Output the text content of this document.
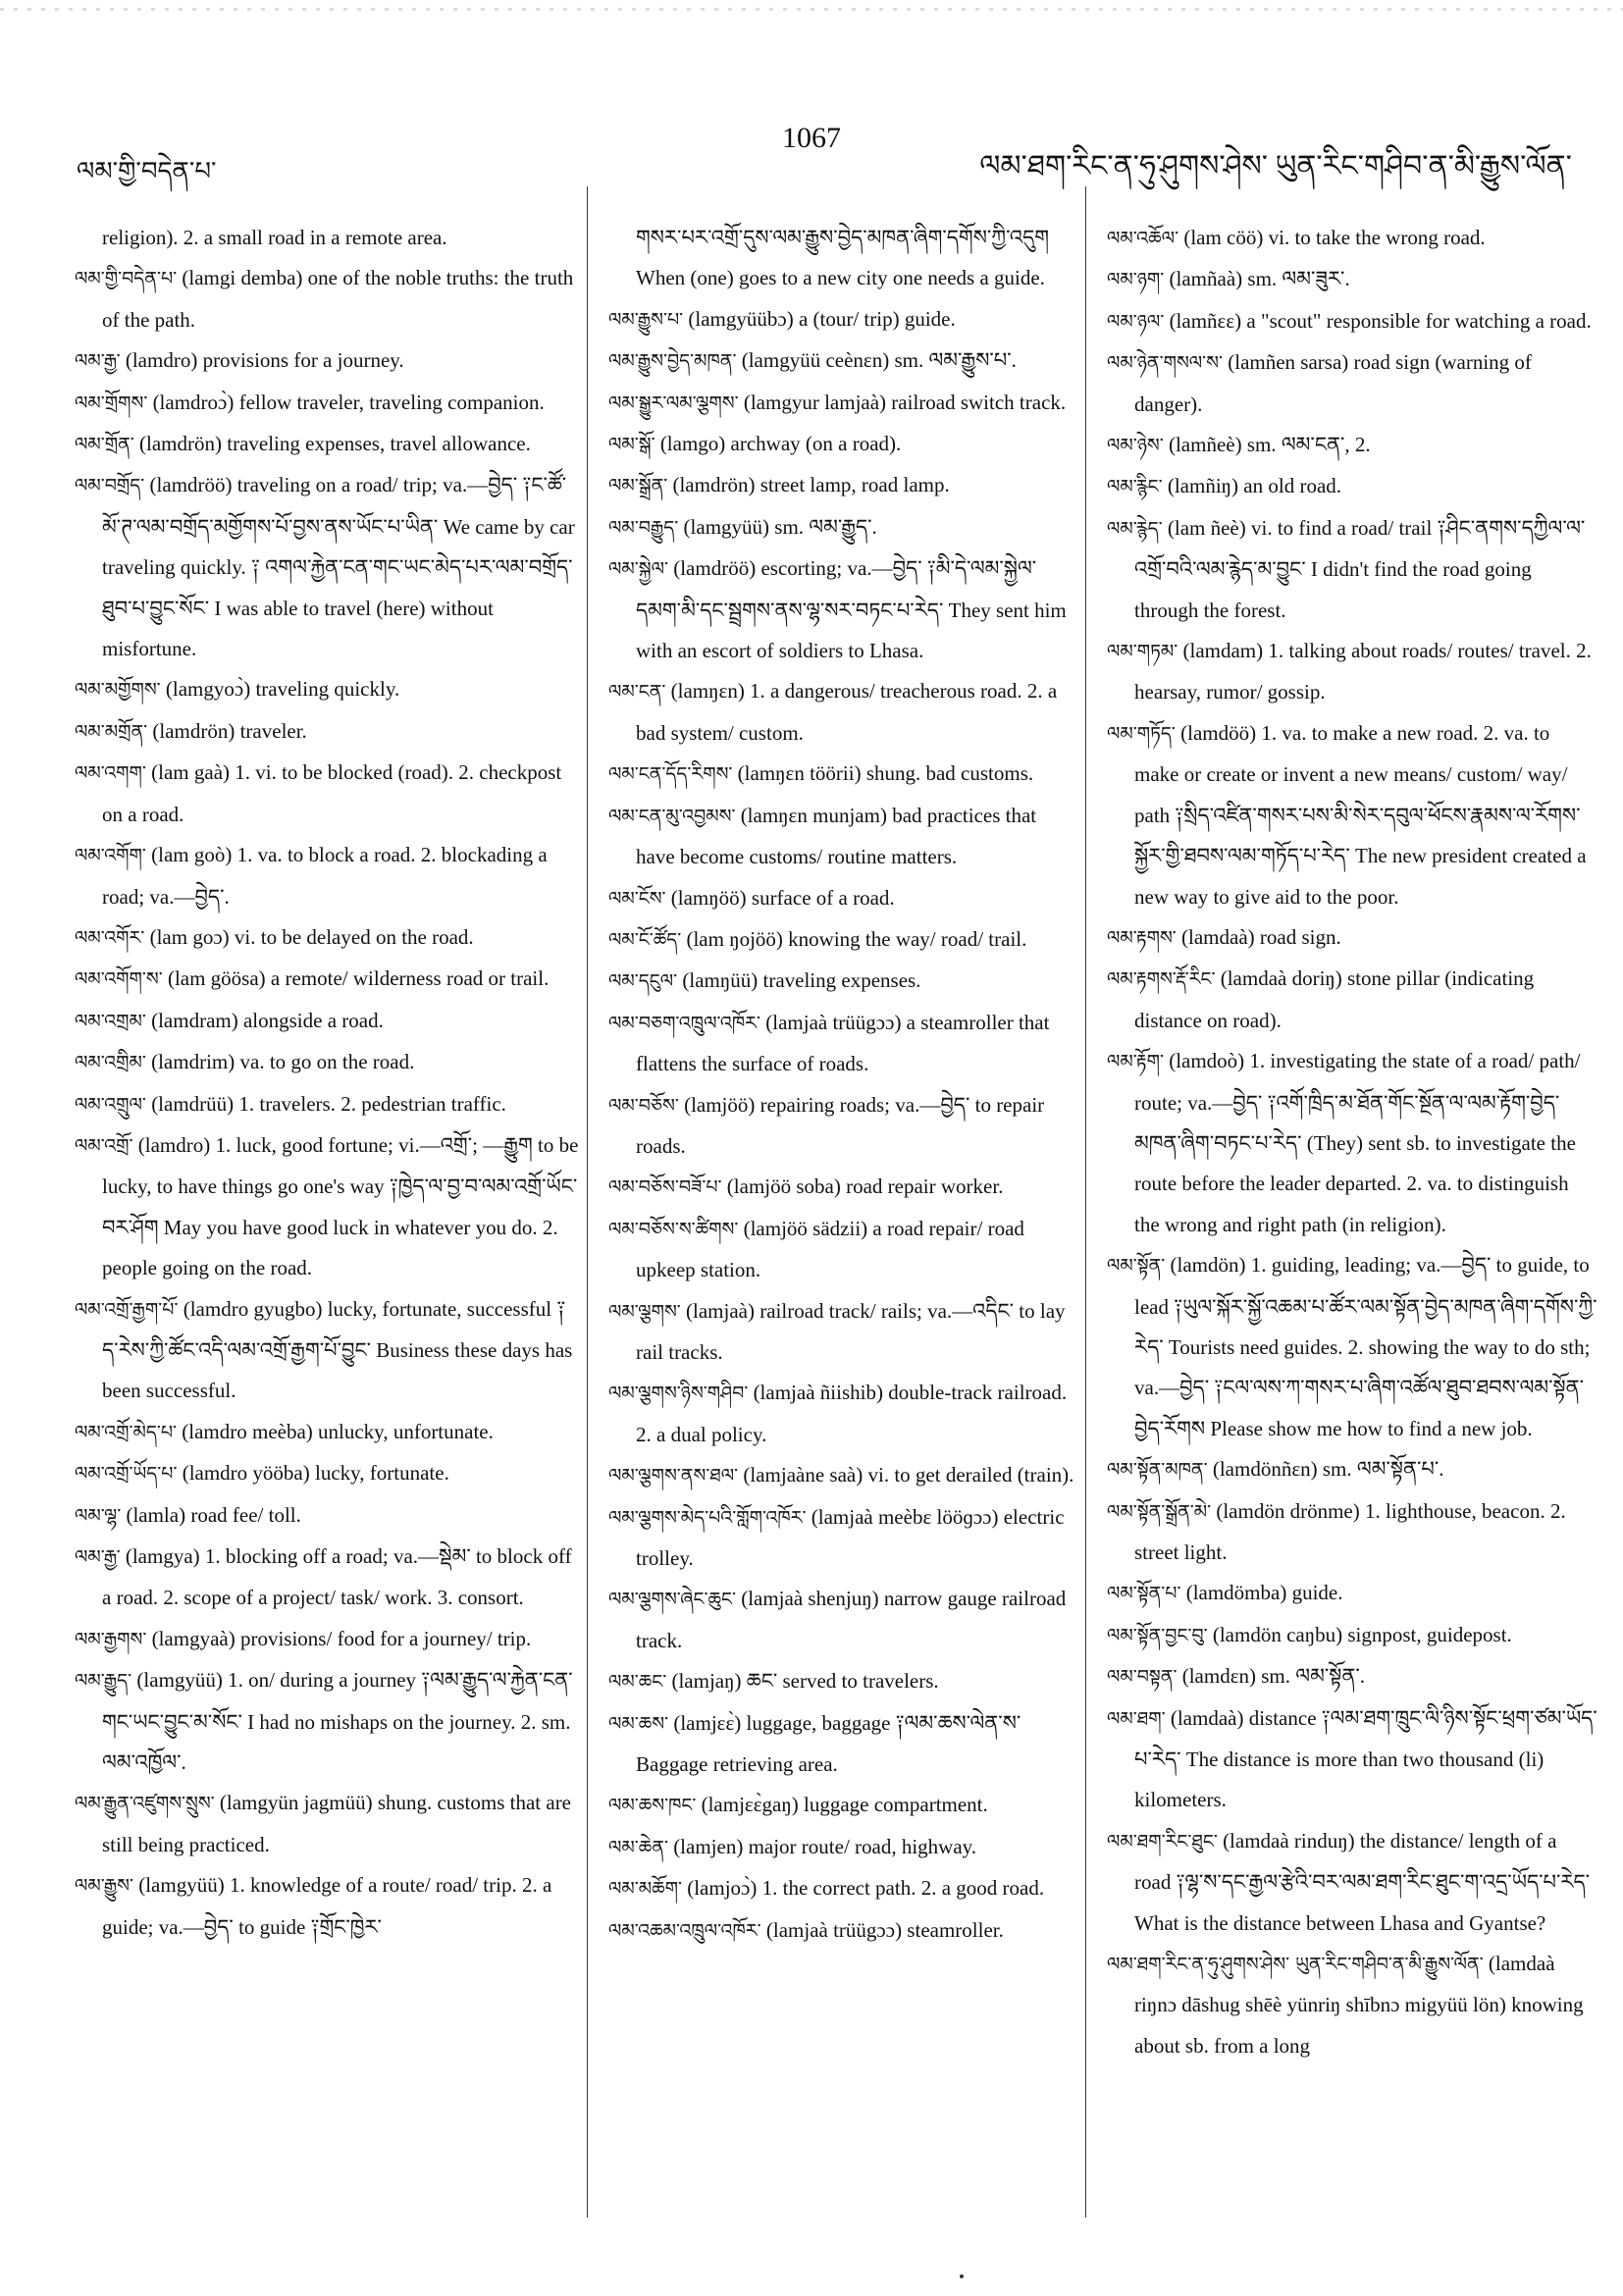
ལམ་གྱི་བདེན་པ་
1067
ལམ་ཐག་རིང་ན་ཧུ་ཤུགས་ཤེས་ ཡུན་རིང་གཤིབ་ན་མི་རྒྱུས་ལོན་

religion). 2. a small road in a remote area.

ལམ་གྱི་བདེན་པ་ (lamgi demba) one of the noble truths: the truth of the path.

ལམ་རྒྱ་ (lamdro) provisions for a journey.

ལམ་གྲོགས་ (lamdroɔ̀) fellow traveler, traveling companion.

ལམ་གྲོན་ (lamdrön) traveling expenses, travel allowance.

ལམ་བགྲོད་ (lamdröö) traveling on a road/ trip; va.—བྱེད་ ༑ང་ཚོ་མོ་ཊ་ལམ་བགྲོད་མགྱོགས་པོ་བྱས་ནས་ཡོང་པ་ཡིན་ We came by car traveling quickly. ༑ འགལ་རྐྱེན་ངན་གང་ཡང་མེད་པར་ལམ་བགྲོད་ཐུབ་པ་བྱུང་སོང་ I was able to travel (here) without misfortune.

ལམ་མགྱོགས་ (lamgyoɔ̀) traveling quickly.

ལམ་མགྲོན་ (lamdrön) traveler.

ལམ་འགག་ (lam gaà) 1. vi. to be blocked (road). 2. checkpost on a road.

ལམ་འགོག་ (lam goò) 1. va. to block a road. 2. blockading a road; va.—བྱེད་.

ལམ་འགོར་ (lam goɔ) vi. to be delayed on the road.

ལམ་འགོག་ས་ (lam göösa) a remote/ wilderness road or trail.

ལམ་འགྲམ་ (lamdram) alongside a road.

ལམ་འགྲིམ་ (lamdrim) va. to go on the road.

ལམ་འགྲུལ་ (lamdrüü) 1. travelers. 2. pedestrian traffic.

ལམ་འགྲོ་ (lamdro) 1. luck, good fortune; vi.—འགྲོ་; —རྒྱུག to be lucky, to have things go one's way ༑ཁྱེད་ལ་བྱ་བ་ལམ་འགྲོ་ཡོང་བར་ཤོག May you have good luck in whatever you do. 2. people going on the road.

ལམ་འགྲོ་རྒྱག་པོ་ (lamdro gyugbo) lucky, fortunate, successful ༑ད་རེས་ཀྱི་ཚོང་འདི་ལམ་འགྲོ་རྒྱག་པོ་བྱུང་ Business these days has been successful.

ལམ་འགྲོ་མེད་པ་ (lamdro meèba) unlucky, unfortunate.

ལམ་འགྲོ་ཡོད་པ་ (lamdro yööba) lucky, fortunate.

ལམ་ལྷ་ (lamla) road fee/ toll.

ལམ་རྒྱ་ (lamgya) 1. blocking off a road; va.—སྡེམ་ to block off a road. 2. scope of a project/ task/ work. 3. consort.

ལམ་རྒྱགས་ (lamgyaà) provisions/ food for a journey/ trip.

ལམ་རྒྱུད་ (lamgyüü) 1. on/ during a journey ༑ལམ་རྒྱུད་ལ་རྐྱེན་ངན་གང་ཡང་བྱུང་མ་སོང་ I had no mishaps on the journey. 2. sm. ལམ་འཁྱོལ་.

ལམ་རྒྱུན་འཛུགས་སྲུས་ (lamgyün jagmüü) shung. customs that are still being practiced.

ལམ་རྒྱུས་ (lamgyüü) 1. knowledge of a route/ road/ trip. 2. a guide; va.—བྱེད་ to guide ༑གྲོང་ཁྱེར་

གསར་པར་འགྲོ་དུས་ལམ་རྒྱུས་བྱེད་མཁན་ཞིག་དགོས་ཀྱི་འདུག When (one) goes to a new city one needs a guide.

ལམ་རྒྱུས་པ་ (lamgyüübɔ) a (tour/ trip) guide.

ལམ་རྒྱུས་བྱེད་མཁན་ (lamgyüü ceènɛn) sm. ལམ་རྒྱུས་པ་.

ལམ་སྒྱུར་ལམ་ལྕགས་ (lamgyur lamjaà) railroad switch track.

ལམ་སྒོ་ (lamgo) archway (on a road).

ལམ་སྒྲོན་ (lamdrön) street lamp, road lamp.

ལམ་བརྒྱུད་ (lamgyüü) sm. ལམ་རྒྱུད་.

ལམ་སྐྱེལ་ (lamdröö) escorting; va.—བྱེད་ ༑མི་དེ་ལམ་སྐྱེལ་དམག་མི་དང་སྦྲགས་ནས་ལྷ་སར་བཏང་པ་རེད་ They sent him with an escort of soldiers to Lhasa.

ལམ་ངན་ (lamŋɛn) 1. a dangerous/ treacherous road. 2. a bad system/ custom.

ལམ་ངན་དོད་རིགས་ (lamŋɛn töörii) shung. bad customs.

ལམ་ངན་མུ་འབྱམས་ (lamŋɛn munjam) bad practices that have become customs/ routine matters.

ལམ་ངོས་ (lamŋöö) surface of a road.

ལམ་ངོ་ཚོད་ (lam ŋojöö) knowing the way/ road/ trail.

ལམ་དངུལ་ (lamŋüü) traveling expenses.

ལམ་བཅག་འཁྲུལ་འཁོར་ (lamjaà trüügɔɔ) a steamroller that flattens the surface of roads.

ལམ་བཅོས་ (lamjöö) repairing roads; va.—བྱེད་ to repair roads.

ལམ་བཅོས་བཟོ་པ་ (lamjöö soba) road repair worker.

ལམ་བཅོས་ས་ཚིགས་ (lamjöö sädzii) a road repair/ road upkeep station.

ལམ་ལྕགས་ (lamjaà) railroad track/ rails; va.—འདིང་ to lay rail tracks.

ལམ་ལྕགས་ཉིས་གཤིབ་ (lamjaà ñiishib) double-track railroad. 2. a dual policy.

ལམ་ལྕགས་ནས་ཐལ་ (lamjaàne saà) vi. to get derailed (train).

ལམ་ལྕགས་མེད་པའི་གློག་འཁོར་ (lamjaà meèbɛ lööɡɔɔ) electric trolley.

ལམ་ལྕགས་ཞེང་ཆུང་ (lamjaà shenjuŋ) narrow gauge railroad track.

ལམ་ཆང་ (lamjaŋ) ཆང་ served to travelers.

ལམ་ཆས་ (lamjɛɛ̀) luggage, baggage ༑ལམ་ཆས་ལེན་ས་ Baggage retrieving area.

ལམ་ཆས་ཁང་ (lamjɛɛ̀gaŋ) luggage compartment.

ལམ་ཆེན་ (lamjen) major route/ road, highway.

ལམ་མཆོག་ (lamjoɔ̀) 1. the correct path. 2. a good road.

ལམ་འཆམ་འཁྲུལ་འཁོར་ (lamjaà trüügɔɔ) steamroller.

ལམ་འཆོལ་ (lam cöö) vi. to take the wrong road.

ལམ་ཉག་ (lamñaà) sm. ལམ་ཟུར་.

ལམ་ཉལ་ (lamñɛɛ) a "scout" responsible for watching a road.

ལམ་ཉེན་གསལ་ས་ (lamñen sarsa) road sign (warning of danger).

ལམ་ཉེས་ (lamñeè) sm. ལམ་ངན་, 2.

ལམ་རྙིང་ (lamñiŋ) an old road.

ལམ་རྙེད་ (lam ñeè) vi. to find a road/ trail ༑ཤིང་ནགས་དཀྱིལ་ལ་འགྲོ་བའི་ལམ་རྙེད་མ་བྱུང་ I didn't find the road going through the forest.

ལམ་གཏམ་ (lamdam) 1. talking about roads/ routes/ travel. 2. hearsay, rumor/ gossip.

ལམ་གཏོད་ (lamdöö) 1. va. to make a new road. 2. va. to make or create or invent a new means/ custom/ way/ path ༑སྲིད་འཛིན་གསར་པས་མི་སེར་དབུལ་ཕོངས་རྣམས་ལ་རོགས་སྐྱོར་གྱི་ཐབས་ལམ་གཏོད་པ་རེད་ The new president created a new way to give aid to the poor.

ལམ་རྟགས་ (lamdaà) road sign.

ལམ་རྟགས་རྡོ་རིང་ (lamdaà doriŋ) stone pillar (indicating distance on road).

ལམ་རྟོག་ (lamdoò) 1. investigating the state of a road/ path/ route; va.—བྱེད་ ༑འགོ་ཁྲིད་མ་ཐོན་གོང་སྔོན་ལ་ལམ་རྟོག་བྱེད་མཁན་ཞིག་བཏང་པ་རེད་ (They) sent sb. to investigate the route before the leader departed. 2. va. to distinguish the wrong and right path (in religion).

ལམ་སྟོན་ (lamdön) 1. guiding, leading; va.—བྱེད་ to guide, to lead ༑ཡུལ་སྐོར་སྐྱོ་འཆམ་པ་ཚོར་ལམ་སྟོན་བྱེད་མཁན་ཞིག་དགོས་ཀྱི་རེད་ Tourists need guides. 2. showing the way to do sth; va.—བྱེད་ ༑ངལ་ལས་ཀ་གསར་པ་ཞིག་འཚོལ་ཐུབ་ཐབས་ལམ་སྟོན་བྱེད་རོགས Please show me how to find a new job.

ལམ་སྟོན་མཁན་ (lamdönñɛn) sm. ལམ་སྟོན་པ་.

ལམ་སྟོན་སྒྲོན་མེ་ (lamdön drönme) 1. lighthouse, beacon. 2. street light.

ལམ་སྟོན་པ་ (lamdömba) guide.

ལམ་སྟོན་བྱང་བུ་ (lamdön caŋbu) signpost, guidepost.

ལམ་བསྟན་ (lamdɛn) sm. ལམ་སྟོན་.

ལམ་ཐག་ (lamdaà) distance ༑ལམ་ཐག་ཁྲུང་ལི་ཉིས་སྟོང་ཕྲག་ཙམ་ཡོད་པ་རེད་ The distance is more than two thousand (li) kilometers.

ལམ་ཐག་རིང་ཐུང་ (lamdaà rinduŋ) the distance/ length of a road ༑ལྷ་ས་དང་རྒྱལ་རྩེའི་བར་ལམ་ཐག་རིང་ཐུང་ག་འདྲ་ཡོད་པ་རེད་ What is the distance between Lhasa and Gyantse?

ལམ་ཐག་རིང་ན་ཧུ་ཤུགས་ཤེས་ ཡུན་རིང་གཤིབ་ན་མི་རྒྱུས་ལོན་ (lamdaà riŋnɔ dāshug shēè yünriŋ shībnɔ migyüü lön) knowing about sb. from a long
